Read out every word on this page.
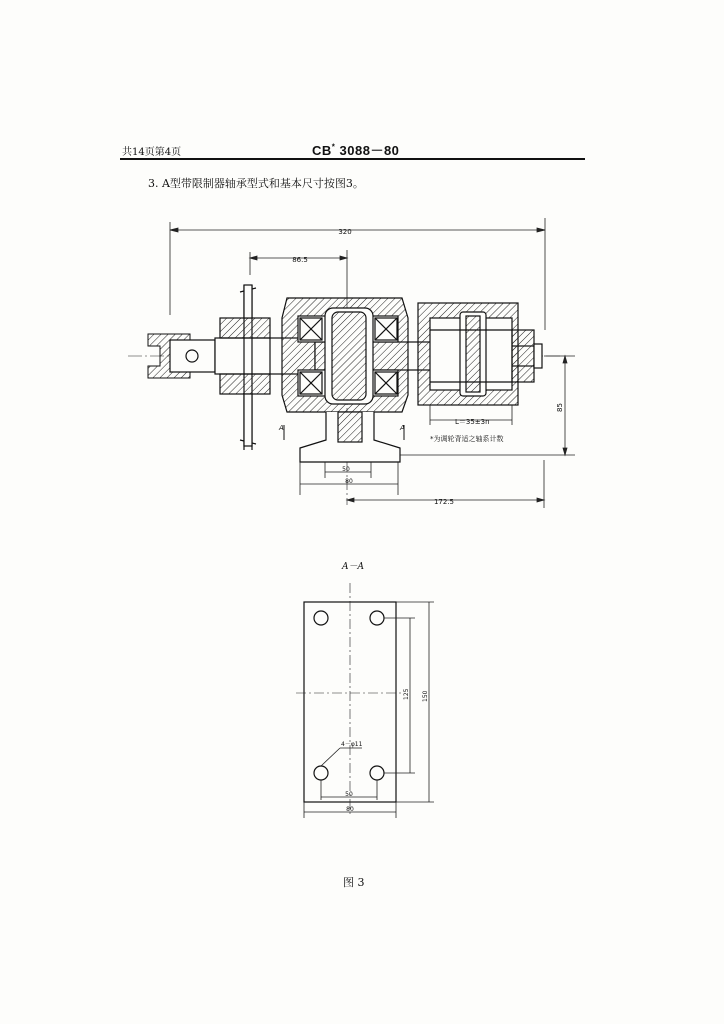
共14页第4页	CB* 3088－80
3. A型带限制器轴承型式和基本尺寸按图3。
320
86.5
A	A
L＝35±3n
*为调轮背适之轴系计数
85
50
80
172.5
50
80
125 150
4－φ11
A－A
图 3
